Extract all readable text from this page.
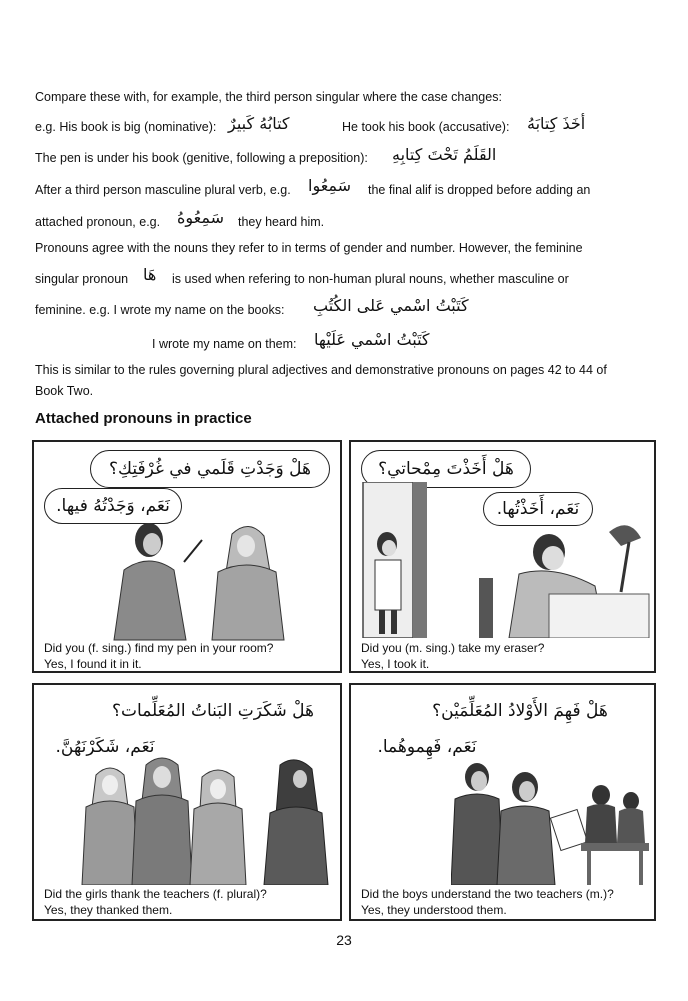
Compare these with, for example, the third person singular where the case changes:
e.g. His book is big (nominative): كتابُهُ كَبيرٌ	He took his book (accusative): أخَذَ كِتابَهُ
The pen is under his book (genitive, following a preposition): القَلَمُ تَحْتَ كِتابِهِ
After a third person masculine plural verb, e.g. سَمِعُوا the final alif is dropped before adding an
attached pronoun, e.g. سَمِعُوهُ they heard him.
Pronouns agree with the nouns they refer to in terms of gender and number. However, the feminine
singular pronoun هَا is used when refering to non-human plural nouns, whether masculine or
feminine. e.g. I wrote my name on the books: كَتَبْتُ اسْمي عَلى الكُتُبِ
I wrote my name on them: كَتَبْتُ اسْمي عَلَيْها
This is similar to the rules governing plural adjectives and demonstrative pronouns on pages 42 to 44 of
Book Two.
Attached pronouns in practice
هَلْ وَجَدْتِ قَلَمي في غُرْفَتِكِ؟
نَعَم، وَجَدْتُهُ فيها.
Did you (f. sing.) find my pen in your room?
Yes, I found it in it.
هَلْ أَخَذْتَ مِمْحاتي؟
نَعَم، أَخَذْتُها.
Did you (m. sing.) take my eraser?
Yes, I took it.
هَلْ شَكَرَتِ البَناتُ المُعَلِّمات؟
نَعَم، شَكَرْنَهُنَّ.
Did the girls thank the teachers (f. plural)?
Yes, they thanked them.
هَلْ فَهِمَ الأَوْلادُ المُعَلِّمَيْن؟
نَعَم، فَهِموهُما.
Did the boys understand the two teachers (m.)?
Yes, they understood them.
23
